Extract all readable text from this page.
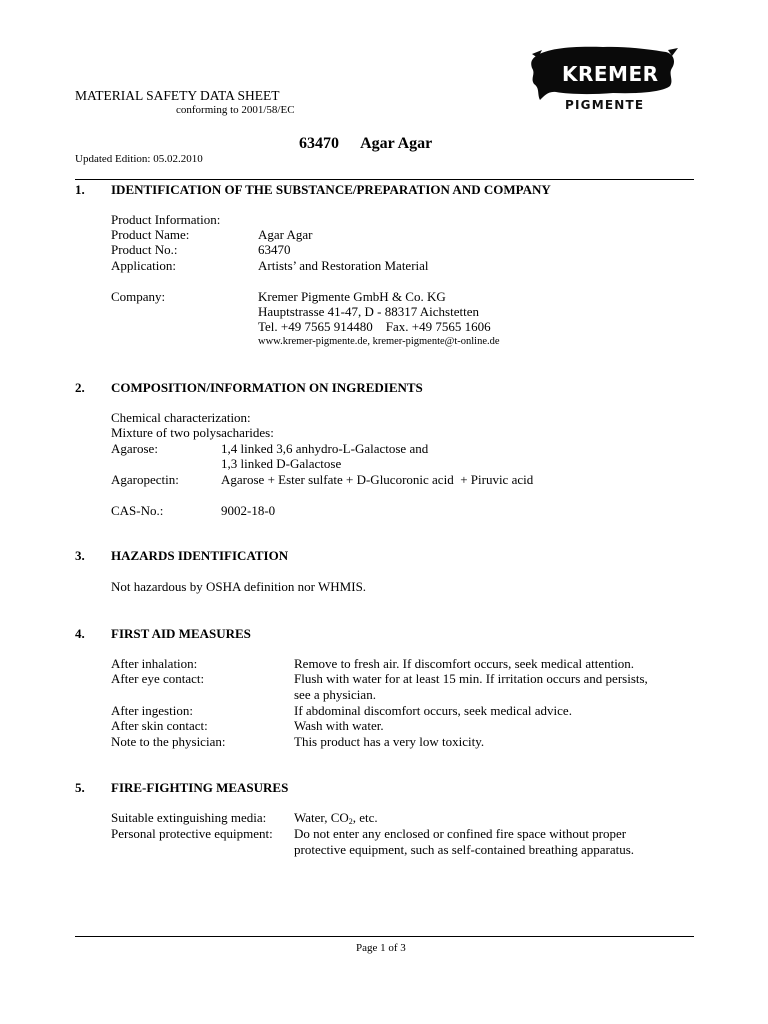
MATERIAL SAFETY DATA SHEET
conforming to 2001/58/EC
KREMER
PIGMENTE
63470 Agar Agar
Updated Edition: 05.02.2010
1. IDENTIFICATION OF THE SUBSTANCE/PREPARATION AND COMPANY
Product Information:
Product Name:	Agar Agar
Product No.:	63470
Application:	Artists’ and Restoration Material
Company:	Kremer Pigmente GmbH & Co. KG
Hauptstrasse 41-47, D - 88317 Aichstetten
Tel. +49 7565 914480    Fax. +49 7565 1606
www.kremer-pigmente.de, kremer-pigmente@t-online.de
2. COMPOSITION/INFORMATION ON INGREDIENTS
Chemical characterization:
Mixture of two polysacharides:
Agarose:	1,4 linked 3,6 anhydro-L-Galactose and
1,3 linked D-Galactose
Agaropectin:	Agarose + Ester sulfate + D-Glucoronic acid  + Piruvic acid
CAS-No.:	9002-18-0
3. HAZARDS IDENTIFICATION
Not hazardous by OSHA definition nor WHMIS.
4. FIRST AID MEASURES
After inhalation:	Remove to fresh air. If discomfort occurs, seek medical attention.
After eye contact:	Flush with water for at least 15 min. If irritation occurs and persists,
see a physician.
After ingestion:	If abdominal discomfort occurs, seek medical advice.
After skin contact:	Wash with water.
Note to the physician:	This product has a very low toxicity.
5. FIRE-FIGHTING MEASURES
Suitable extinguishing media: Water, $CO_2$, etc.
Personal protective equipment: Do not enter any enclosed or confined fire space without proper
protective equipment, such as self-contained breathing apparatus.
Page 1 of 3
